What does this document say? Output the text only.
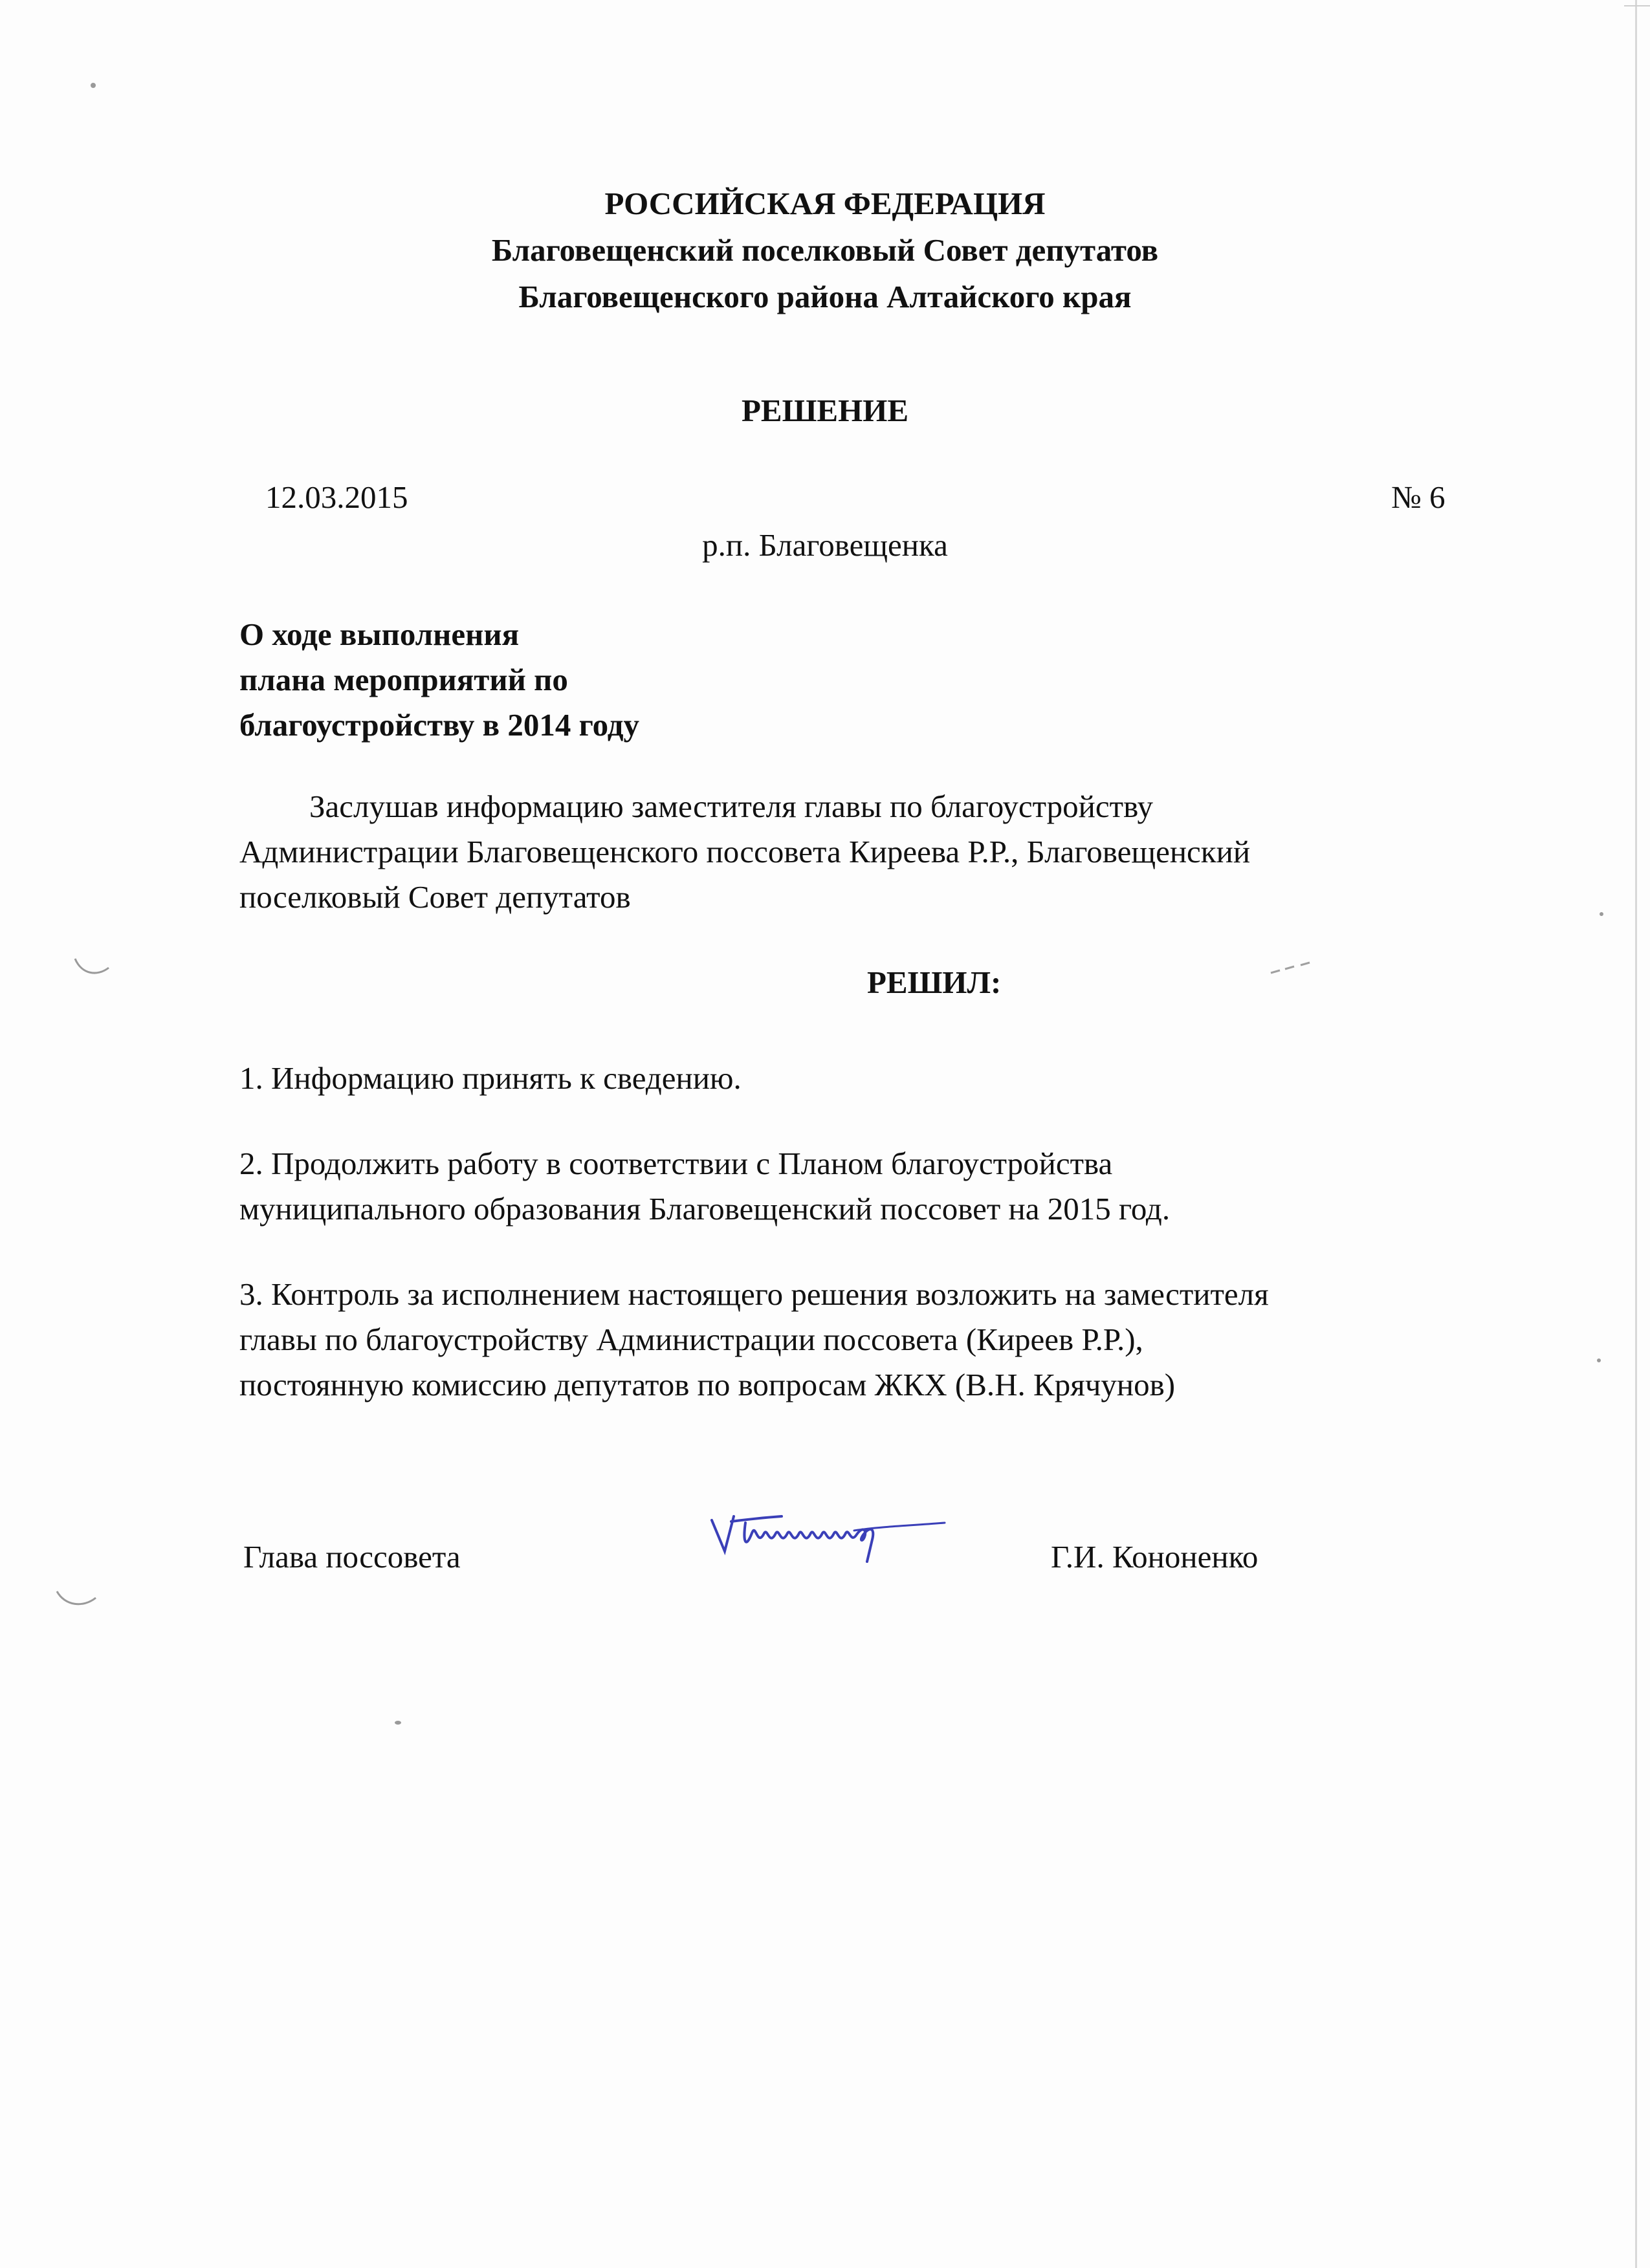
РОССИЙСКАЯ ФЕДЕРАЦИЯ
Благовещенский поселковый Совет депутатов
Благовещенского района Алтайского края
РЕШЕНИЕ
12.03.2015	№ 6
р.п. Благовещенка
О ходе выполнения
плана мероприятий по
благоустройству в 2014 году
Заслушав информацию заместителя главы по благоустройству
Администрации Благовещенского поссовета Киреева Р.Р., Благовещенский
поселковый Совет депутатов
РЕШИЛ:
1. Информацию принять к сведению.
2. Продолжить работу в соответствии с Планом благоустройства
муниципального образования Благовещенский поссовет на 2015 год.
3. Контроль за исполнением настоящего решения возложить на заместителя
главы по благоустройству Администрации поссовета (Киреев Р.Р.),
постоянную комиссию депутатов по вопросам ЖКХ (В.Н. Крячунов)
Глава поссовета	Г.И. Кононенко
